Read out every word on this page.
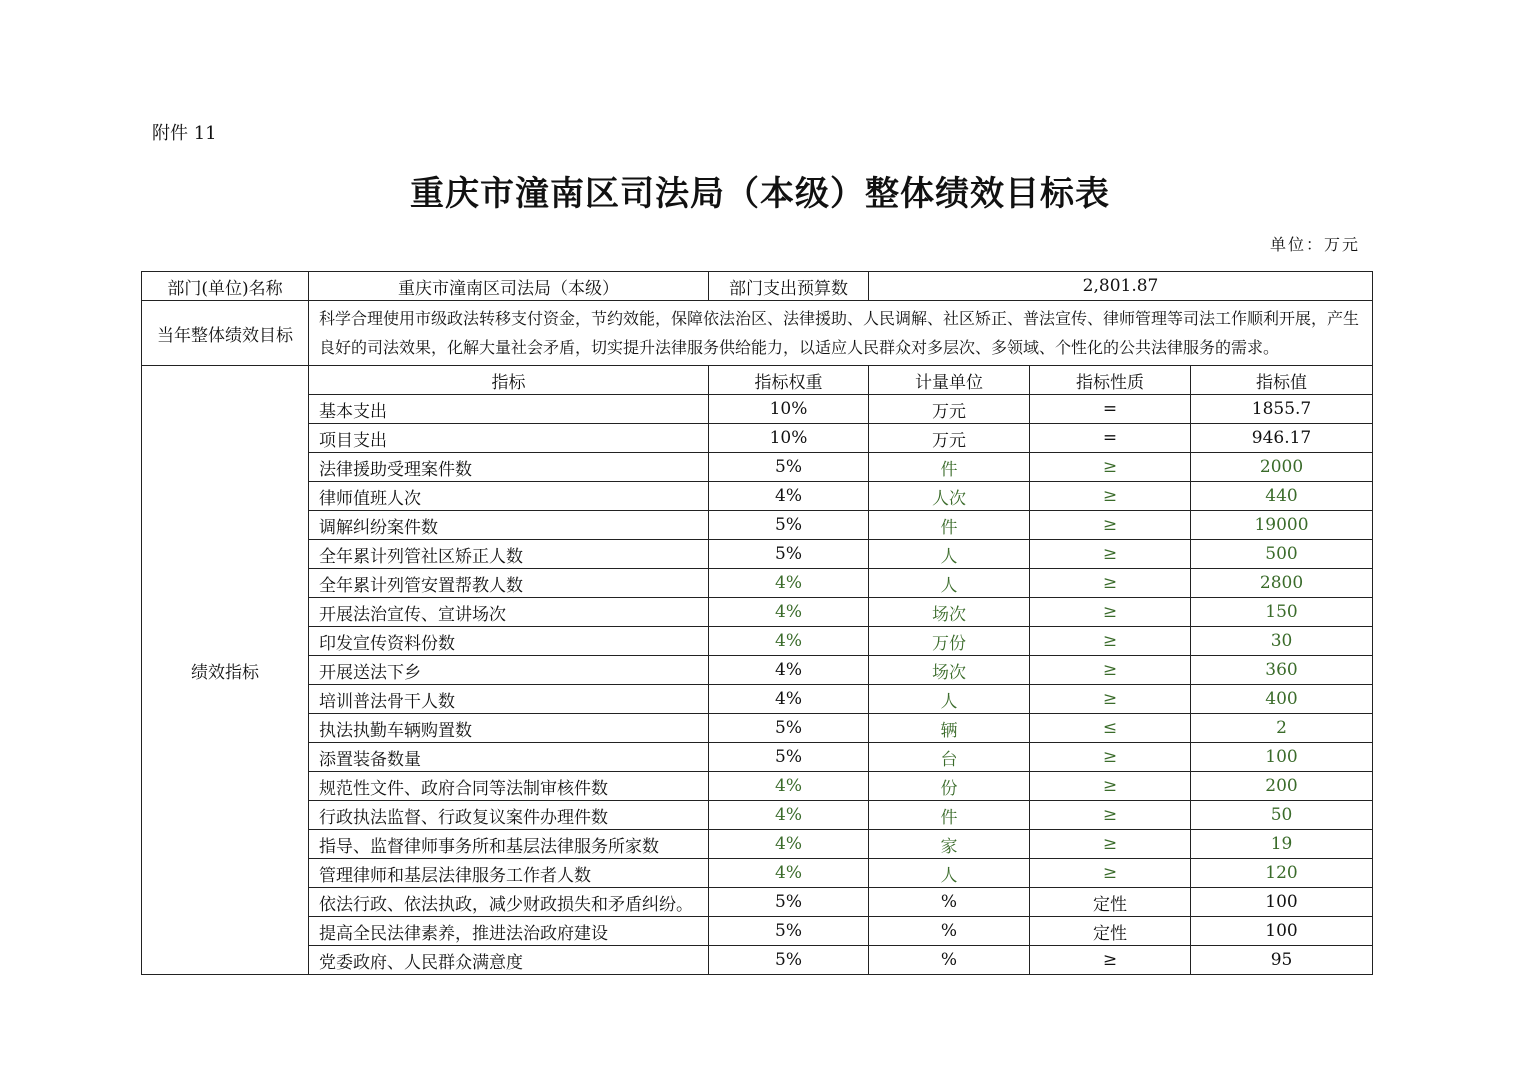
附件 11
重庆市潼南区司法局（本级）整体绩效目标表
单位：万元
部门(单位)名称	重庆市潼南区司法局（本级）	部门支出预算数	2,801.87		
当年整体绩效目标	科学合理使用市级政法转移支付资金，节约效能，保障依法治区、法律援助、人民调解、社区矫正、普法宣传、律师管理等司法工作顺利开展，产生良好的司法效果，化解大量社会矛盾，切实提升法律服务供给能力，以适应人民群众对多层次、多领域、个性化的公共法律服务的需求。				
绩效指标	指标	指标权重	计量单位	指标性质	指标值
	基本支出	10%	万元	=	1855.7
	项目支出	10%	万元	=	946.17
	法律援助受理案件数	5%	件	≥	2000
	律师值班人次	4%	人次	≥	440
	调解纠纷案件数	5%	件	≥	19000
	全年累计列管社区矫正人数	5%	人	≥	500
	全年累计列管安置帮教人数	4%	人	≥	2800
	开展法治宣传、宣讲场次	4%	场次	≥	150
	印发宣传资料份数	4%	万份	≥	30
	开展送法下乡	4%	场次	≥	360
	培训普法骨干人数	4%	人	≥	400
	执法执勤车辆购置数	5%	辆	≤	2
	添置装备数量	5%	台	≥	100
	规范性文件、政府合同等法制审核件数	4%	份	≥	200
	行政执法监督、行政复议案件办理件数	4%	件	≥	50
	指导、监督律师事务所和基层法律服务所家数	4%	家	≥	19
	管理律师和基层法律服务工作者人数	4%	人	≥	120
	依法行政、依法执政，减少财政损失和矛盾纠纷。	5%	%	定性	100
	提高全民法律素养，推进法治政府建设	5%	%	定性	100
	党委政府、人民群众满意度	5%	%	≥	95
